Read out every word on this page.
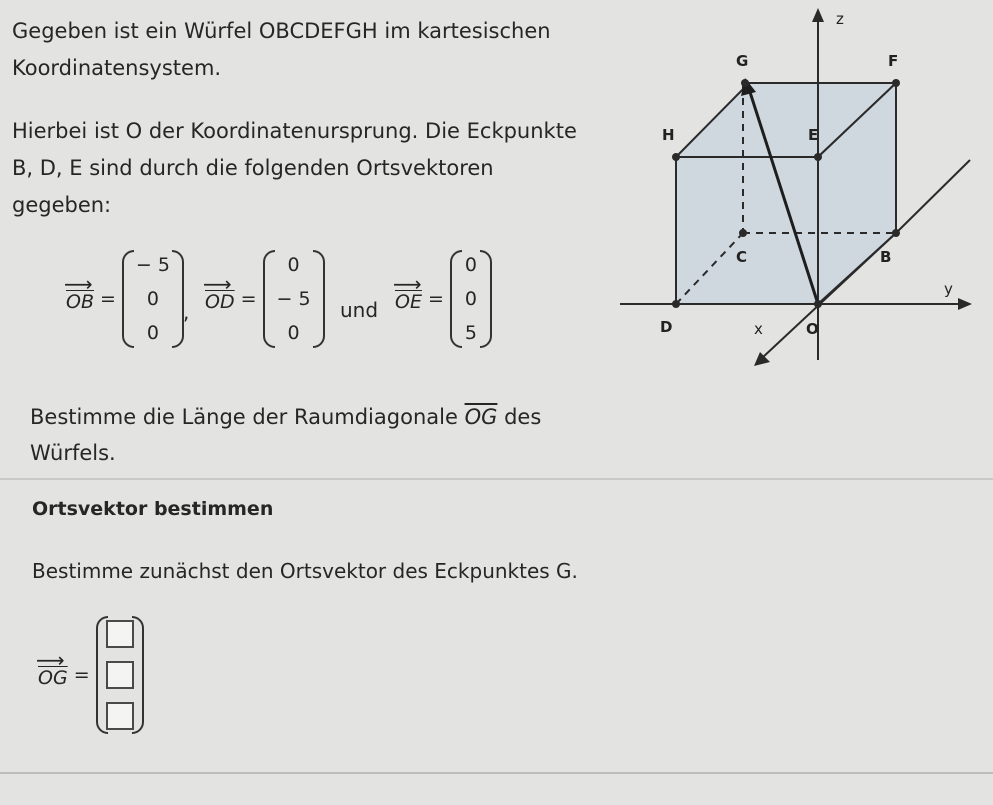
Gegeben ist ein Würfel OBCDEFGH im kartesischen
Koordinatensystem.
Hierbei ist O der Koordinatenursprung. Die Eckpunkte
B, D, E sind durch die folgenden Ortsvektoren
gegeben:
⟶ $\overline{OB}$ =
− 5
0
0
, ⟶ $\overline{OD}$ =
0
− 5
0
und ⟶ $\overline{OE}$ =
0
0
5
Bestimme die Länge der Raumdiagonale $\overline{OG}$ des
Würfels.
Ortsvektor bestimmen
Bestimme zunächst den Ortsvektor des Eckpunktes G.
⟶ $\overline{OG}$ =
z
G	F
H	E
C	B
D	x	O
y
